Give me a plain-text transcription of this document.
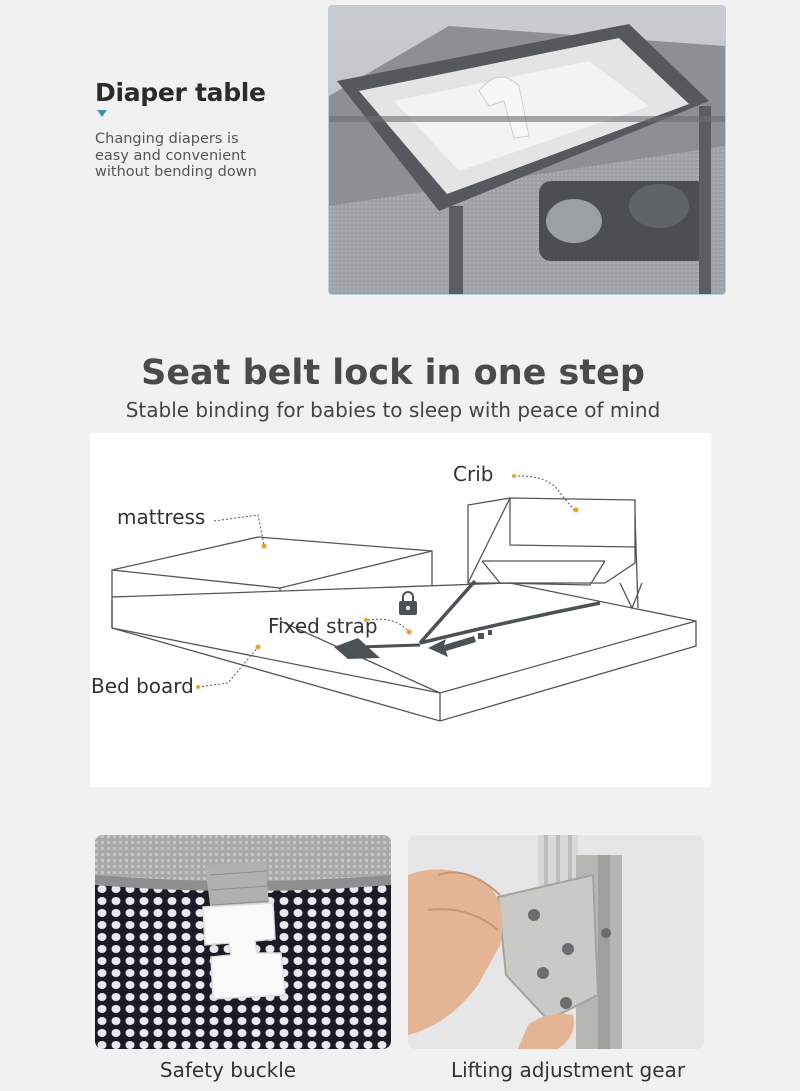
Diaper table
Changing diapers is easy and convenient without bending down
Seat belt lock in one step
Stable binding for babies to sleep with peace of mind
Crib
mattress
Fixed strap
Bed board
Safety buckle	Lifting adjustment gear
